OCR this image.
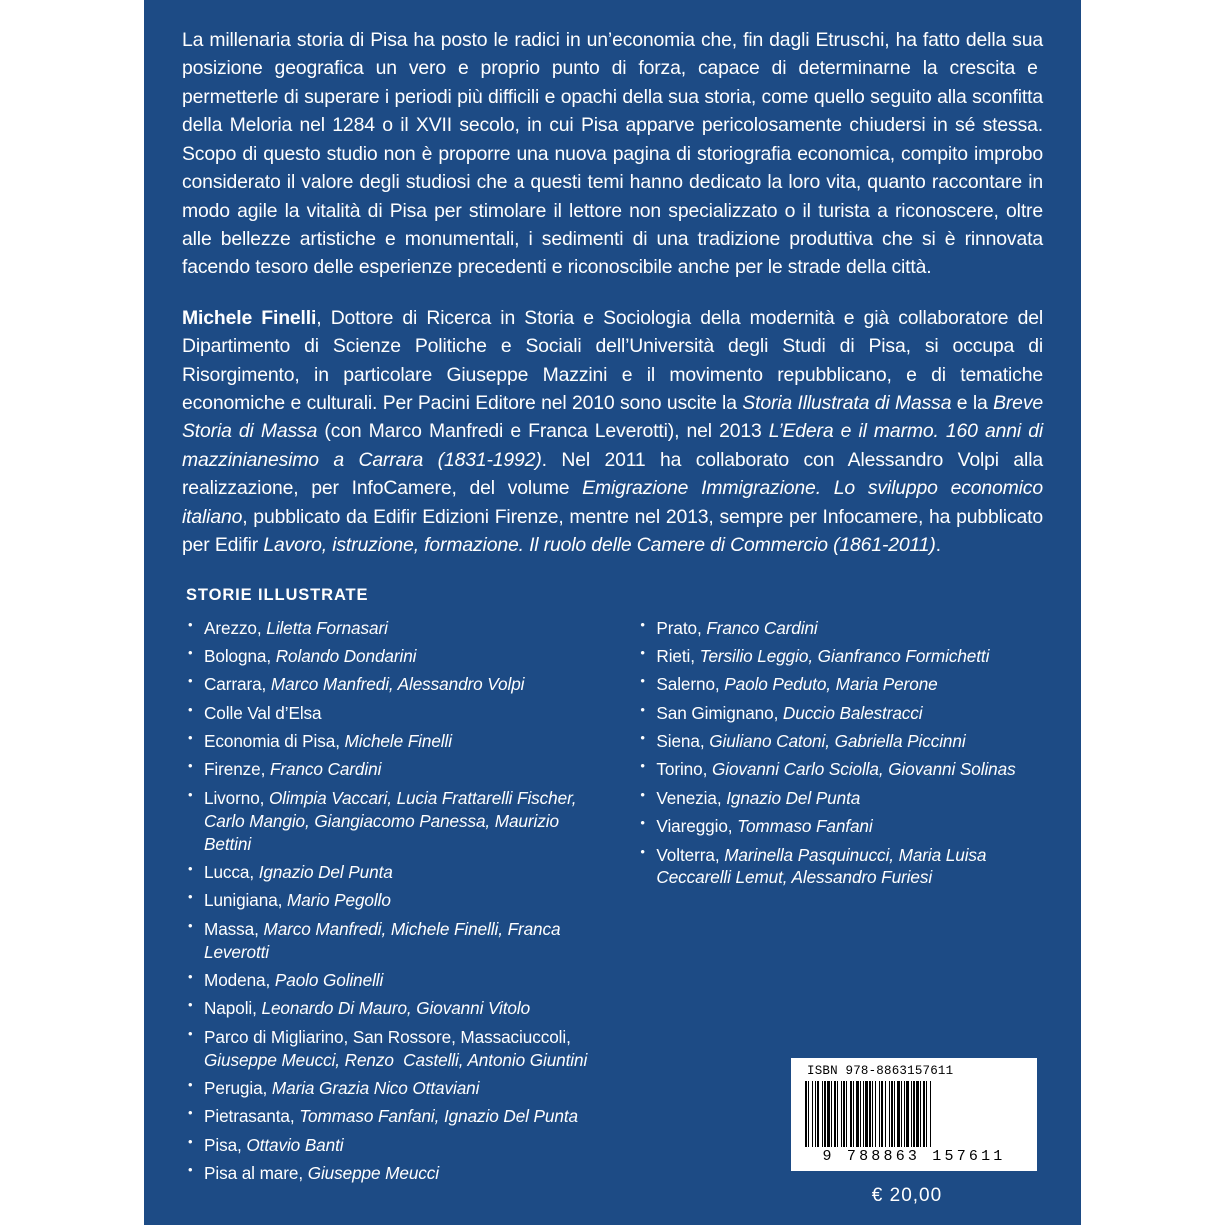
La millenaria storia di Pisa ha posto le radici in un’economia che, fin dagli Etruschi, ha fatto della sua posizione geografica un vero e proprio punto di forza, capace di determinarne la crescita e  permetterle di superare i periodi più difficili e opachi della sua storia, come quello seguito alla sconfitta della Meloria nel 1284 o il XVII secolo, in cui Pisa apparve pericolosamente chiudersi in sé stessa. Scopo di questo studio non è proporre una nuova pagina di storiografia economica, compito improbo considerato il valore degli studiosi che a questi temi hanno dedicato la loro vita, quanto raccontare in modo agile la vitalità di Pisa per stimolare il lettore non specializzato o il turista a riconoscere, oltre alle bellezze artistiche e monumentali, i sedimenti di una tradizione produttiva che si è rinnovata facendo tesoro delle esperienze precedenti e riconoscibile anche per le strade della città.

Michele Finelli, Dottore di Ricerca in Storia e Sociologia della modernità e già collaboratore del Dipartimento di Scienze Politiche e Sociali dell’Università degli Studi di Pisa, si occupa di Risorgimento, in particolare Giuseppe Mazzini e il movimento repubblicano, e di tematiche economiche e culturali. Per Pacini Editore nel 2010 sono uscite la Storia Illustrata di Massa e la Breve Storia di Massa (con Marco Manfredi e Franca Leverotti), nel 2013 L’Edera e il marmo. 160 anni di mazzinianesimo a Carrara (1831-1992). Nel 2011 ha collaborato con Alessandro Volpi alla realizzazione, per InfoCamere, del volume Emigrazione Immigrazione. Lo sviluppo economico italiano, pubblicato da Edifir Edizioni Firenze, mentre nel 2013, sempre per Infocamere, ha pubblicato per Edifir Lavoro, istruzione, formazione. Il ruolo delle Camere di Commercio (1861-2011).

STORIE ILLUSTRATE
• Arezzo, Liletta Fornasari
• Bologna, Rolando Dondarini
• Carrara, Marco Manfredi, Alessandro Volpi
• Colle Val d’Elsa
• Economia di Pisa, Michele Finelli
• Firenze, Franco Cardini
• Livorno, Olimpia Vaccari, Lucia Frattarelli Fischer, Carlo Mangio, Giangiacomo Panessa, Maurizio Bettini
• Lucca, Ignazio Del Punta
• Lunigiana, Mario Pegollo
• Massa, Marco Manfredi, Michele Finelli, Franca Leverotti
• Modena, Paolo Golinelli
• Napoli, Leonardo Di Mauro, Giovanni Vitolo
• Parco di Migliarino, San Rossore, Massaciuccoli, Giuseppe Meucci, Renzo  Castelli, Antonio Giuntini
• Perugia, Maria Grazia Nico Ottaviani
• Pietrasanta, Tommaso Fanfani, Ignazio Del Punta
• Pisa, Ottavio Banti
• Pisa al mare, Giuseppe Meucci
• Prato, Franco Cardini
• Rieti, Tersilio Leggio, Gianfranco Formichetti
• Salerno, Paolo Peduto, Maria Perone
• San Gimignano, Duccio Balestracci
• Siena, Giuliano Catoni, Gabriella Piccinni
• Torino, Giovanni Carlo Sciolla, Giovanni Solinas
• Venezia, Ignazio Del Punta
• Viareggio, Tommaso Fanfani
• Volterra, Marinella Pasquinucci, Maria Luisa Ceccarelli Lemut, Alessandro Furiesi
ISBN 978-8863157611
9 788863 157611
€ 20,00
